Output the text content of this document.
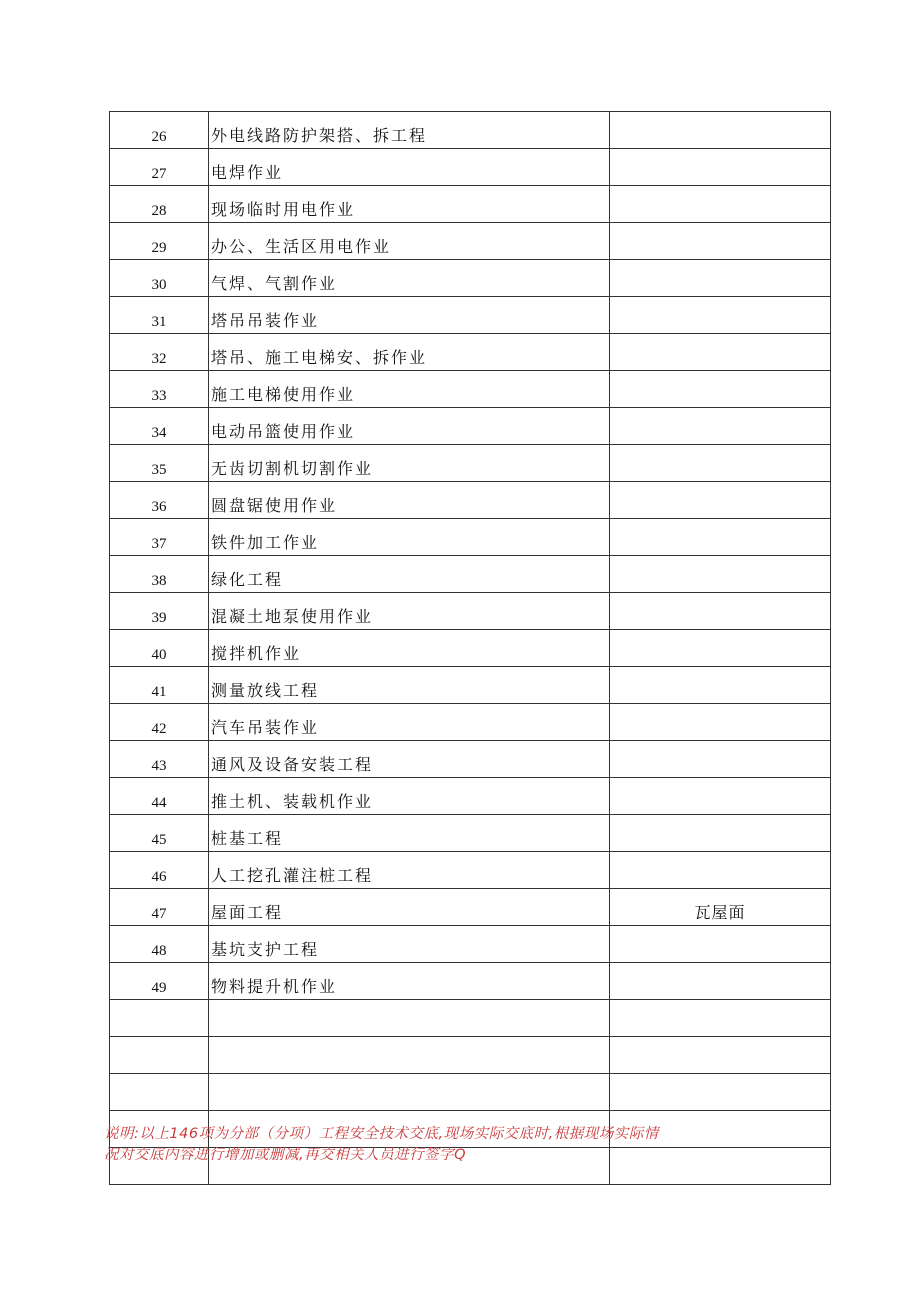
26	外电线路防护架搭、拆工程	
27	电焊作业	
28	现场临时用电作业	
29	办公、生活区用电作业	
30	气焊、气割作业	
31	塔吊吊装作业	
32	塔吊、施工电梯安、拆作业	
33	施工电梯使用作业	
34	电动吊篮使用作业	
35	无齿切割机切割作业	
36	圆盘锯使用作业	
37	铁件加工作业	
38	绿化工程	
39	混凝土地泵使用作业	
40	搅拌机作业	
41	测量放线工程	
42	汽车吊装作业	
43	通风及设备安装工程	
44	推土机、装载机作业	
45	桩基工程	
46	人工挖孔灌注桩工程	
47	屋面工程	瓦屋面
48	基坑支护工程	
49	物料提升机作业	

说明:以上146项为分部（分项）工程安全技术交底,现场实际交底时,根据现场实际情
况对交底内容进行增加或删减,再交相关人员进行签字Q
